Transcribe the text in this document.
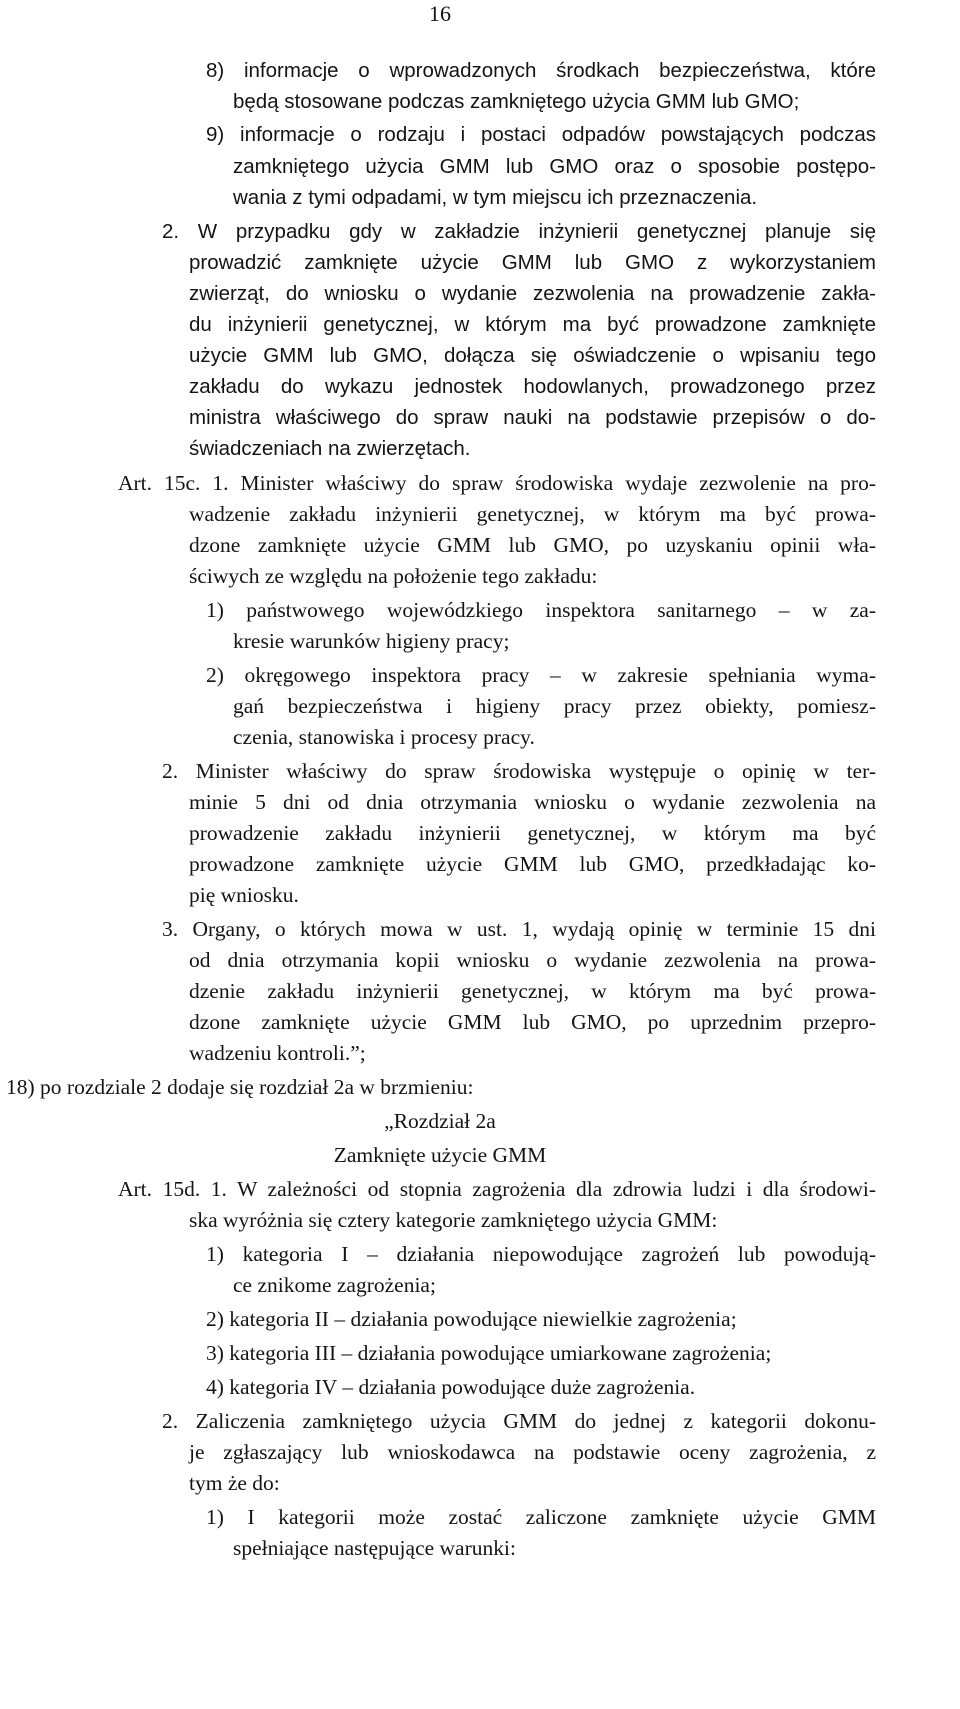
16
8) informacje o wprowadzonych środkach bezpieczeństwa, które
będą stosowane podczas zamkniętego użycia GMM lub GMO;
9) informacje o rodzaju i postaci odpadów powstających podczas
zamkniętego użycia GMM lub GMO oraz o sposobie postępo-
wania z tymi odpadami, w tym miejscu ich przeznaczenia.
2. W przypadku gdy w zakładzie inżynierii genetycznej planuje się
prowadzić zamknięte użycie GMM lub GMO z wykorzystaniem
zwierząt, do wniosku o wydanie zezwolenia na prowadzenie zakła-
du inżynierii genetycznej, w którym ma być prowadzone zamknięte
użycie GMM lub GMO, dołącza się oświadczenie o wpisaniu tego
zakładu do wykazu jednostek hodowlanych, prowadzonego przez
ministra właściwego do spraw nauki na podstawie przepisów o do-
świadczeniach na zwierzętach.
Art. 15c. 1. Minister właściwy do spraw środowiska wydaje zezwolenie na pro-
wadzenie zakładu inżynierii genetycznej, w którym ma być prowa-
dzone zamknięte użycie GMM lub GMO, po uzyskaniu opinii wła-
ściwych ze względu na położenie tego zakładu:
1) państwowego wojewódzkiego inspektora sanitarnego – w za-
kresie warunków higieny pracy;
2) okręgowego inspektora pracy – w zakresie spełniania wyma-
gań bezpieczeństwa i higieny pracy przez obiekty, pomiesz-
czenia, stanowiska i procesy pracy.
2. Minister właściwy do spraw środowiska występuje o opinię w ter-
minie 5 dni od dnia otrzymania wniosku o wydanie zezwolenia na
prowadzenie zakładu inżynierii genetycznej, w którym ma być
prowadzone zamknięte użycie GMM lub GMO, przedkładając ko-
pię wniosku.
3. Organy, o których mowa w ust. 1, wydają opinię w terminie 15 dni
od dnia otrzymania kopii wniosku o wydanie zezwolenia na prowa-
dzenie zakładu inżynierii genetycznej, w którym ma być prowa-
dzone zamknięte użycie GMM lub GMO, po uprzednim przepro-
wadzeniu kontroli.”;
18) po rozdziale 2 dodaje się rozdział 2a w brzmieniu:
„Rozdział 2a
Zamknięte użycie GMM
Art. 15d. 1. W zależności od stopnia zagrożenia dla zdrowia ludzi i dla środowi-
ska wyróżnia się cztery kategorie zamkniętego użycia GMM:
1) kategoria I – działania niepowodujące zagrożeń lub powodują-
ce znikome zagrożenia;
2) kategoria II – działania powodujące niewielkie zagrożenia;
3) kategoria III – działania powodujące umiarkowane zagrożenia;
4) kategoria IV – działania powodujące duże zagrożenia.
2. Zaliczenia zamkniętego użycia GMM do jednej z kategorii dokonu-
je zgłaszający lub wnioskodawca na podstawie oceny zagrożenia, z
tym że do:
1) I kategorii może zostać zaliczone zamknięte użycie GMM
spełniające następujące warunki:
